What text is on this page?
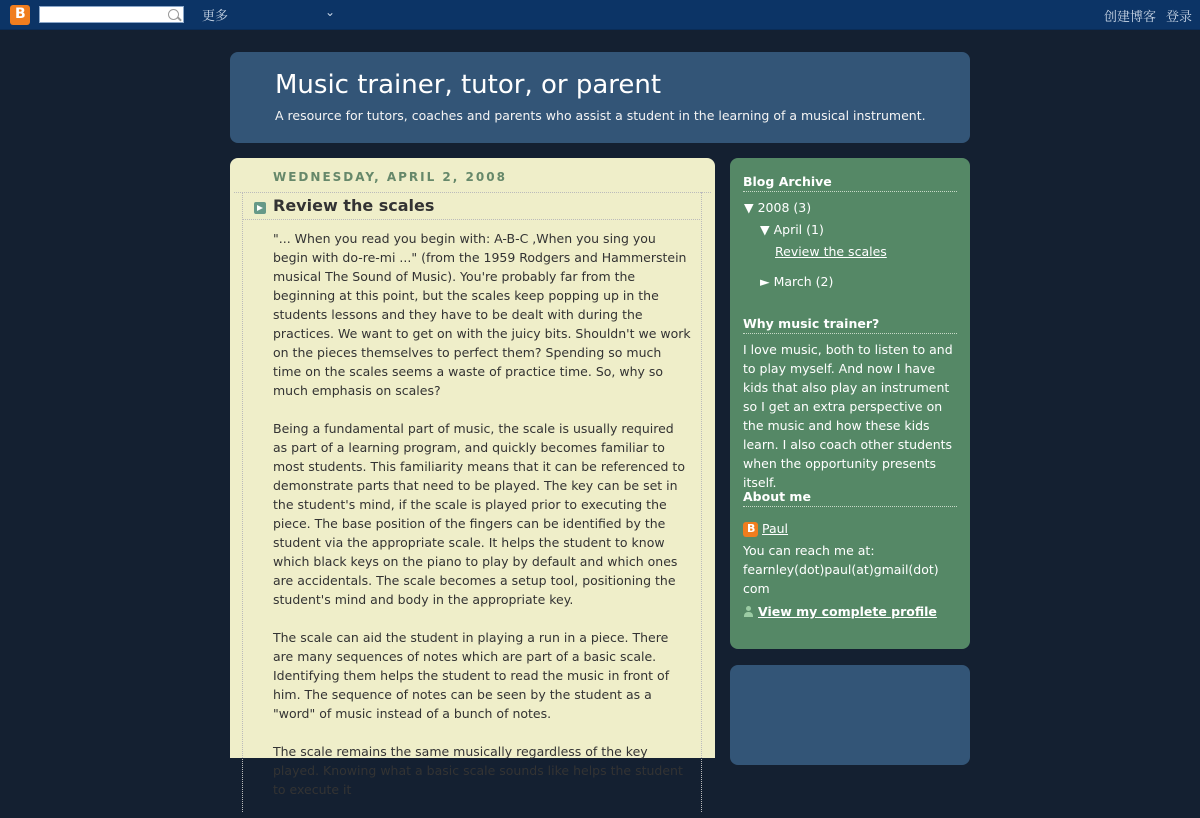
B	更多	⌄	创建博客 登录
Music trainer, tutor, or parent
A resource for tutors, coaches and parents who assist a student in the learning of a musical instrument.
WEDNESDAY, APRIL 2, 2008
Review the scales

"... When you read you begin with: A-B-C ,When you sing you begin with do-re-mi ..." (from the 1959 Rodgers and Hammerstein musical The Sound of Music). You're probably far from the beginning at this point, but the scales keep popping up in the students lessons and they have to be dealt with during the practices. We want to get on with the juicy bits. Shouldn't we work on the pieces themselves to perfect them? Spending so much time on the scales seems a waste of practice time. So, why so much emphasis on scales?

Being a fundamental part of music, the scale is usually required as part of a learning program, and quickly becomes familiar to most students. This familiarity means that it can be referenced to demonstrate parts that need to be played. The key can be set in the student's mind, if the scale is played prior to executing the piece. The base position of the fingers can be identified by the student via the appropriate scale. It helps the student to know which black keys on the piano to play by default and which ones are accidentals. The scale becomes a setup tool, positioning the student's mind and body in the appropriate key.

The scale can aid the student in playing a run in a piece. There are many sequences of notes which are part of a basic scale. Identifying them helps the student to read the music in front of him. The sequence of notes can be seen by the student as a "word" of music instead of a bunch of notes.

The scale remains the same musically regardless of the key played. Knowing what a basic scale sounds like helps the student to execute it

Blog Archive
▼ 2008 (3)
▼ April (1)
Review the scales
► March (2)
Why music trainer?
I love music, both to listen to and to play myself. And now I have kids that also play an instrument so I get an extra perspective on the music and how these kids learn. I also coach other students when the opportunity presents itself.
About me
B Paul
You can reach me at: fearnley(dot)paul(at)gmail(dot) com
View my complete profile
